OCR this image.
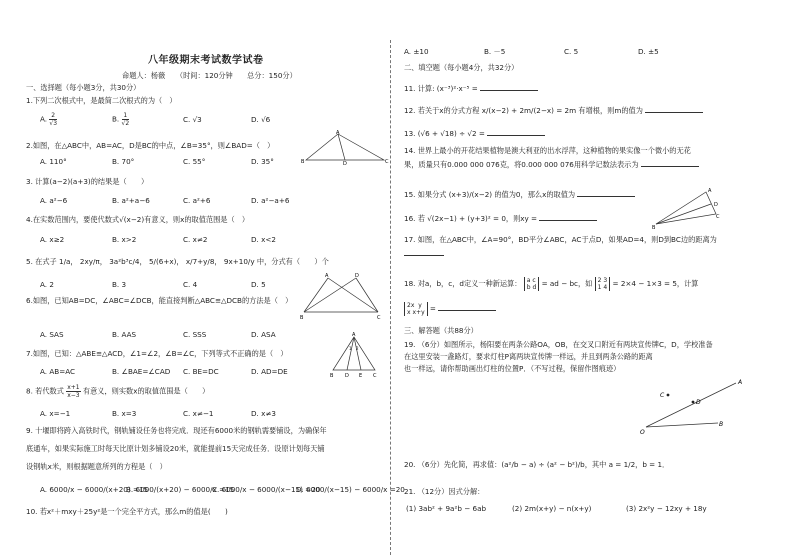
八年级期末考试数学试卷
命题人：杨薇　　（时间：120分钟　　总分：150分）
一、选择题（每小题3分，共30分）
1.下列二次根式中，是最简二次根式的为（　）
A. $\frac{2}{√3}$	B. $\frac{1}{√2}$	C. √3	D. √6
2.如图，在△ABC中，AB=AC，D是BC的中点，∠B=35°，则∠BAD=（　）
A. 110°	B. 70°	C. 55°	D. 35°
A
B	D	C
3. 计算(a−2)(a+3)的结果是（　　）
A. a²−6	B. a²+a−6	C. a²+6	D. a²−a+6
4.在实数范围内，要使代数式√(x−2)有意义，则x的取值范围是（　）
A. x≥2	B. x>2	C. x≠2	D. x<2
5. 在式子 1/a， 2xy/π， 3a²b³c/4， 5/(6+x)， x/7+y/8， 9x+10/y 中，分式有（　　）个
A. 2	B. 3	C. 4	D. 5
6.如图，已知AB=DC，∠ABC=∠DCB，能直接判断△ABC≌△DCB的方法是（　）
A. SAS	B. AAS	C. SSS	D. ASA
A	D
B	C
7.如图，已知：△ABE≌△ACD，∠1=∠2，∠B=∠C，下列等式不正确的是（　）
A. AB=AC	B. ∠BAE=∠CAD C. BE=DC	D. AD=DE
A
1 2
B D E C
8. 若代数式 $\frac{x+1}{x-3}$ 有意义，则实数x的取值范围是（　　）
A. x=−1	B. x=3	C. x≠−1	D. x≠3
9. 十堰即将跨入高铁时代，钢轨铺设任务也将完成．现还有6000米的钢轨需要铺设，为确保年
底通车，如果实际施工时每天比原计划多铺设20米，就能提前15天完成任务．设原计划每天铺
设钢轨x米，则根据题意所列的方程是（　）
A. 6000/x − 6000/(x+20) =15
B. 6000/(x+20) − 6000/x =15
C. 6000/x − 6000/(x−15) =20
D. 6000/(x−15) − 6000/x =20
10. 若x²＋mxy＋25y²是一个完全平方式，那么m的值是(　　)
A. ±10	B. －5	C. 5	D. ±5
二、填空题（每小题4分，共32分）
11. 计算: (x⁻³)²·x⁻⁵ =
12. 若关于x的分式方程 x/(x−2) + 2m/(2−x) = 2m 有增根，则m的值为
13. (√6 + √18) ÷ √2 =
14. 世界上最小的开花结果植物是澳大利亚的出水浮萍，这种植物的果实像一个微小的无花
果，质量只有0.000 000 076克，将0.000 000 076用科学记数法表示为
15. 如果分式 (x+3)/(x−2) 的值为0，那么x的取值为
16. 若 √(2x−1) + (y+3)² = 0，则xy =
A
D
C
B
17. 如图，在△ABC中，∠A=90°，BD平分∠ABC，AC于点D，如果AD=4，则D到BC边的距离为
18. 对a，b，c，d定义一种新运算： a c
b d = ad − bc，如 2 3
1 4 = 2×4 − 1×3 = 5，计算
2x y
x x+y =
三、解答题（共88分）
19. （6分）如图所示，杨阳要在两条公路OA，OB，在交叉口附近有两块宣传牌C，D，学校准备
在这里安装一盏路灯，要求灯柱P离两块宣传牌一样远，并且到两条公路的距离
也一样远，请你帮助画出灯柱的位置P．（不写过程，保留作图痕迹）
A
B
C
D
O
20. （6分）先化简，再求值：(a²/b − a) ÷ (a² − b²)/b，其中 a = 1/2，b = 1．
21. （12分）因式分解：
(1) 3ab² + 9a²b − 6ab	(2) 2m(x+y) − n(x+y)	(3) 2x²y − 12xy + 18y
